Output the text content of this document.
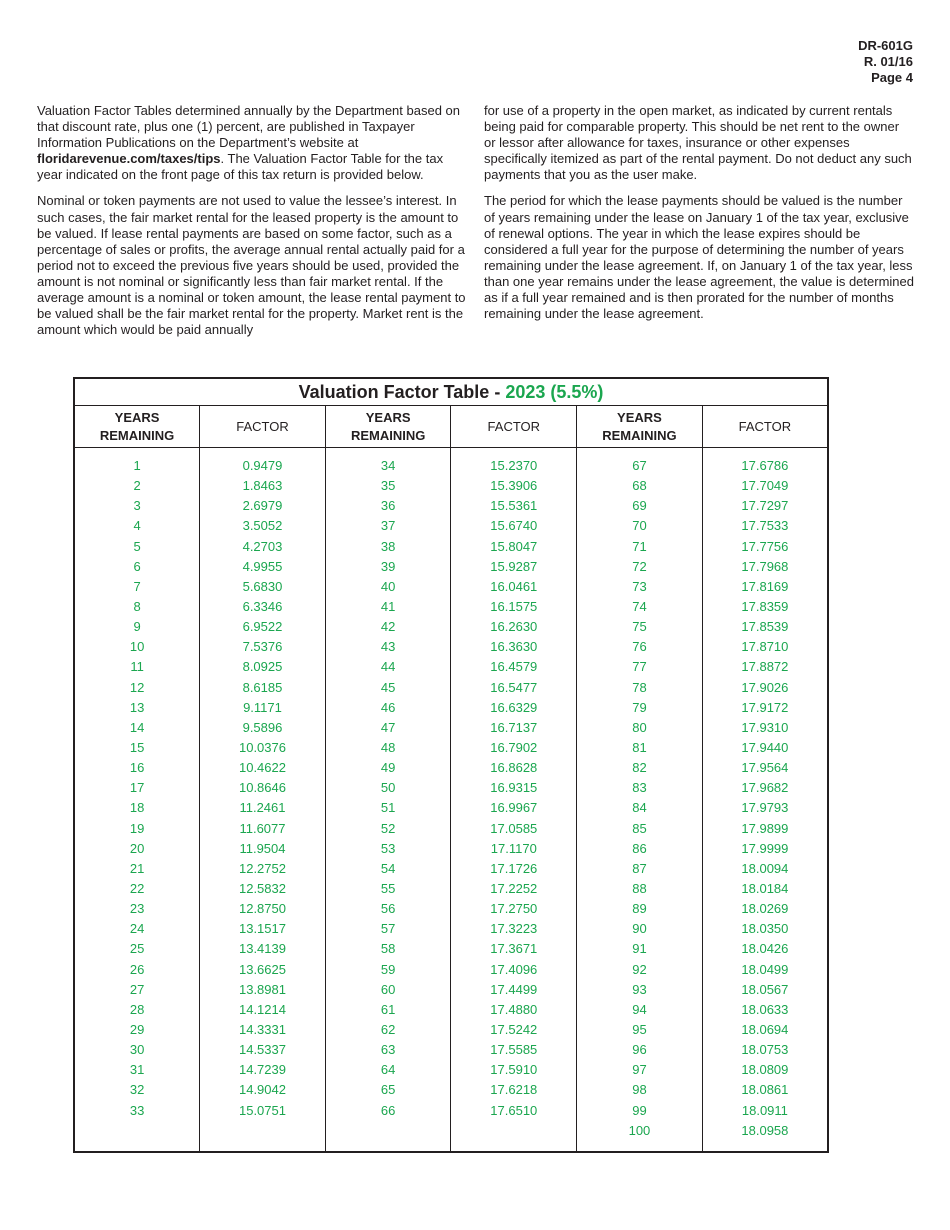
DR-601G
R. 01/16
Page 4

Valuation Factor Tables determined annually by the Department based on that discount rate, plus one (1) percent, are published in Taxpayer Information Publications on the Department’s website at floridarevenue.com/taxes/tips. The Valuation Factor Table for the tax year indicated on the front page of this tax return is provided below.

Nominal or token payments are not used to value the lessee’s interest. In such cases, the fair market rental for the leased property is the amount to be valued. If lease rental payments are based on some factor, such as a percentage of sales or profits, the average annual rental actually paid for a period not to exceed the previous five years should be used, provided the amount is not nominal or significantly less than fair market rental. If the average amount is a nominal or token amount, the lease rental payment to be valued shall be the fair market rental for the property. Market rent is the amount which would be paid annually

for use of a property in the open market, as indicated by current rentals being paid for comparable property. This should be net rent to the owner or lessor after allowance for taxes, insurance or other expenses specifically itemized as part of the rental payment. Do not deduct any such payments that you as the user make.

The period for which the lease payments should be valued is the number of years remaining under the lease on January 1 of the tax year, exclusive of renewal options. The year in which the lease expires should be considered a full year for the purpose of determining the number of years remaining under the lease agreement. If, on January 1 of the tax year, less than one year remains under the lease agreement, the value is determined as if a full year remained and is then prorated for the number of months remaining under the lease agreement.

Valuation Factor Table - 2023 (5.5%)					
YEARS
REMAINING	FACTOR	YEARS
REMAINING	FACTOR	YEARS
REMAINING	FACTOR
1	0.9479	34	15.2370	67	17.6786
2	1.8463	35	15.3906	68	17.7049
3	2.6979	36	15.5361	69	17.7297
4	3.5052	37	15.6740	70	17.7533
5	4.2703	38	15.8047	71	17.7756
6	4.9955	39	15.9287	72	17.7968
7	5.6830	40	16.0461	73	17.8169
8	6.3346	41	16.1575	74	17.8359
9	6.9522	42	16.2630	75	17.8539
10	7.5376	43	16.3630	76	17.8710
11	8.0925	44	16.4579	77	17.8872
12	8.6185	45	16.5477	78	17.9026
13	9.1171	46	16.6329	79	17.9172
14	9.5896	47	16.7137	80	17.9310
15	10.0376	48	16.7902	81	17.9440
16	10.4622	49	16.8628	82	17.9564
17	10.8646	50	16.9315	83	17.9682
18	11.2461	51	16.9967	84	17.9793
19	11.6077	52	17.0585	85	17.9899
20	11.9504	53	17.1170	86	17.9999
21	12.2752	54	17.1726	87	18.0094
22	12.5832	55	17.2252	88	18.0184
23	12.8750	56	17.2750	89	18.0269
24	13.1517	57	17.3223	90	18.0350
25	13.4139	58	17.3671	91	18.0426
26	13.6625	59	17.4096	92	18.0499
27	13.8981	60	17.4499	93	18.0567
28	14.1214	61	17.4880	94	18.0633
29	14.3331	62	17.5242	95	18.0694
30	14.5337	63	17.5585	96	18.0753
31	14.7239	64	17.5910	97	18.0809
32	14.9042	65	17.6218	98	18.0861
33	15.0751	66	17.6510	99	18.0911
				100	18.0958
